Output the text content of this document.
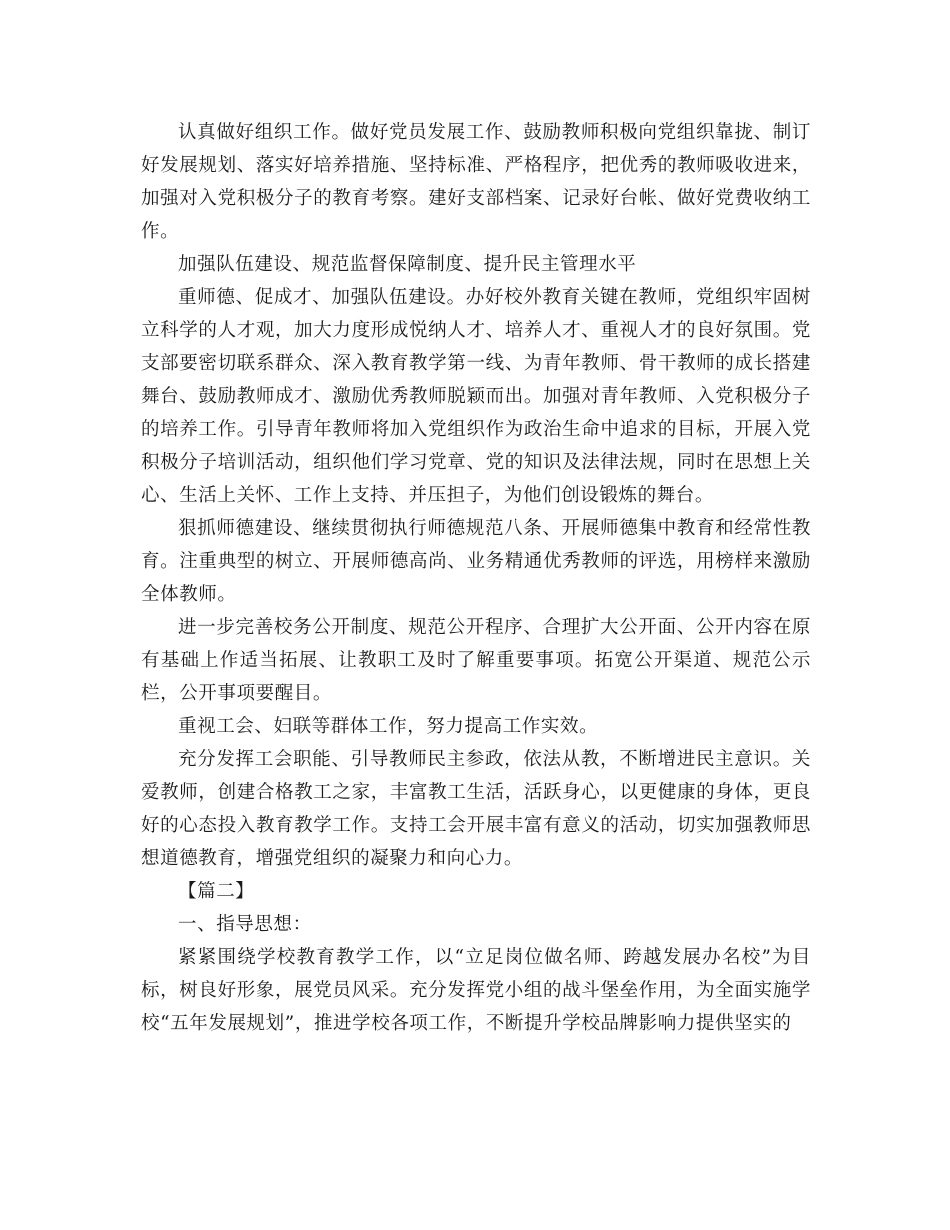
认真做好组织工作。做好党员发展工作、鼓励教师积极向党组织靠拢、制订好发展规划、落实好培养措施、坚持标准、严格程序，把优秀的教师吸收进来，加强对入党积极分子的教育考察。建好支部档案、记录好台帐、做好党费收纳工作。

加强队伍建设、规范监督保障制度、提升民主管理水平

重师德、促成才、加强队伍建设。办好校外教育关键在教师，党组织牢固树立科学的人才观，加大力度形成悦纳人才、培养人才、重视人才的良好氛围。党支部要密切联系群众、深入教育教学第一线、为青年教师、骨干教师的成长搭建舞台、鼓励教师成才、激励优秀教师脱颖而出。加强对青年教师、入党积极分子的培养工作。引导青年教师将加入党组织作为政治生命中追求的目标，开展入党积极分子培训活动，组织他们学习党章、党的知识及法律法规，同时在思想上关心、生活上关怀、工作上支持、并压担子，为他们创设锻炼的舞台。

狠抓师德建设、继续贯彻执行师德规范八条、开展师德集中教育和经常性教育。注重典型的树立、开展师德高尚、业务精通优秀教师的评选，用榜样来激励全体教师。

进一步完善校务公开制度、规范公开程序、合理扩大公开面、公开内容在原有基础上作适当拓展、让教职工及时了解重要事项。拓宽公开渠道、规范公示栏，公开事项要醒目。

重视工会、妇联等群体工作，努力提高工作实效。

充分发挥工会职能、引导教师民主参政，依法从教，不断增进民主意识。关爱教师，创建合格教工之家，丰富教工生活，活跃身心，以更健康的身体，更良好的心态投入教育教学工作。支持工会开展丰富有意义的活动，切实加强教师思想道德教育，增强党组织的凝聚力和向心力。

【篇二】

一、指导思想：

紧紧围绕学校教育教学工作，以“立足岗位做名师、跨越发展办名校”为目标，树良好形象，展党员风采。充分发挥党小组的战斗堡垒作用，为全面实施学校“五年发展规划”，推进学校各项工作，不断提升学校品牌影响力提供坚实的
